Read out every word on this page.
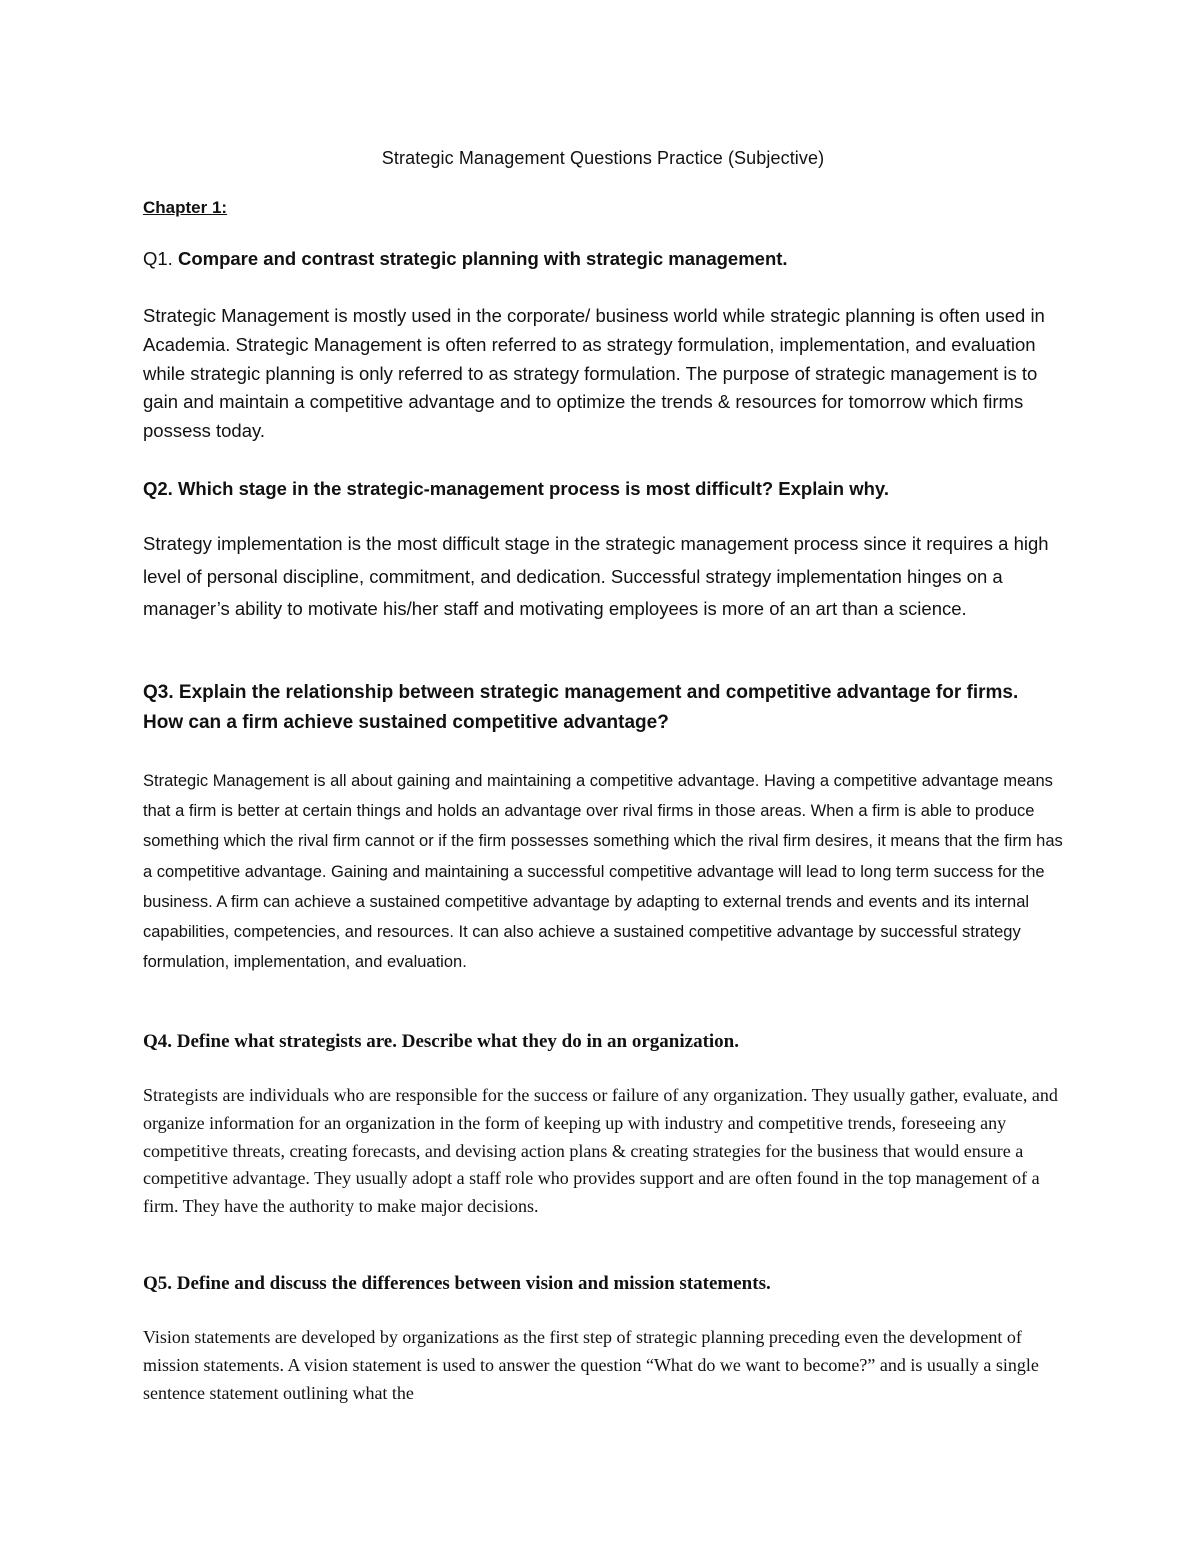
Strategic Management Questions Practice (Subjective)

Chapter 1:

Q1. Compare and contrast strategic planning with strategic management.

Strategic Management is mostly used in the corporate/ business world while strategic planning is often used in Academia. Strategic Management is often referred to as strategy formulation, implementation, and evaluation while strategic planning is only referred to as strategy formulation. The purpose of strategic management is to gain and maintain a competitive advantage and to optimize the trends & resources for tomorrow which firms possess today.

Q2. Which stage in the strategic-management process is most difficult? Explain why.

Strategy implementation is the most difficult stage in the strategic management process since it requires a high level of personal discipline, commitment, and dedication. Successful strategy implementation hinges on a manager’s ability to motivate his/her staff and motivating employees is more of an art than a science.

Q3. Explain the relationship between strategic management and competitive advantage for firms. How can a firm achieve sustained competitive advantage?

Strategic Management is all about gaining and maintaining a competitive advantage. Having a competitive advantage means that a firm is better at certain things and holds an advantage over rival firms in those areas. When a firm is able to produce something which the rival firm cannot or if the firm possesses something which the rival firm desires, it means that the firm has a competitive advantage. Gaining and maintaining a successful competitive advantage will lead to long term success for the business. A firm can achieve a sustained competitive advantage by adapting to external trends and events and its internal capabilities, competencies, and resources. It can also achieve a sustained competitive advantage by successful strategy formulation, implementation, and evaluation.

Q4. Define what strategists are. Describe what they do in an organization.

Strategists are individuals who are responsible for the success or failure of any organization. They usually gather, evaluate, and organize information for an organization in the form of keeping up with industry and competitive trends, foreseeing any competitive threats, creating forecasts, and devising action plans & creating strategies for the business that would ensure a competitive advantage. They usually adopt a staff role who provides support and are often found in the top management of a firm. They have the authority to make major decisions.

Q5. Define and discuss the differences between vision and mission statements.

Vision statements are developed by organizations as the first step of strategic planning preceding even the development of mission statements. A vision statement is used to answer the question “What do we want to become?” and is usually a single sentence statement outlining what the
